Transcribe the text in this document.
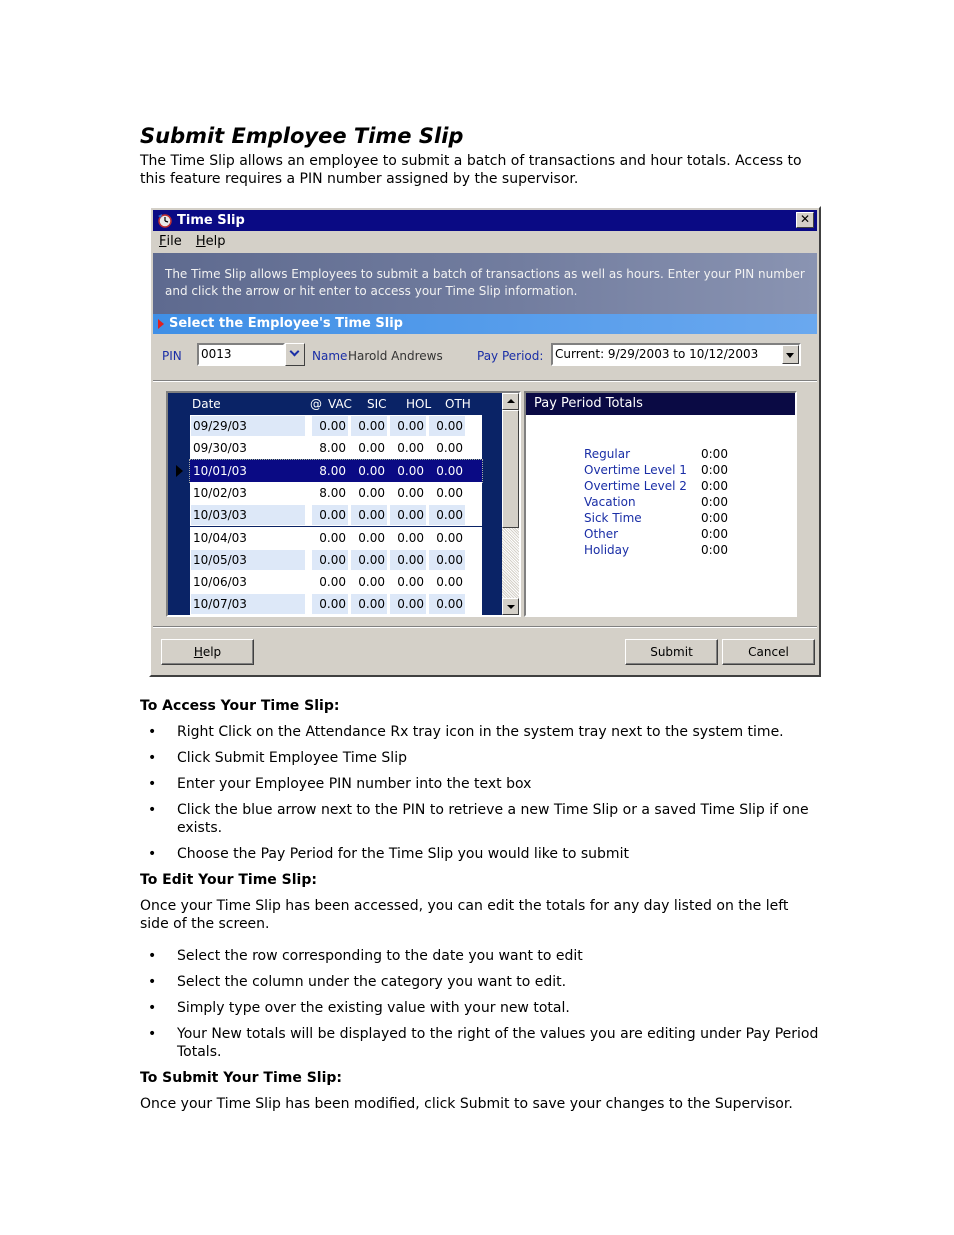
Submit Employee Time Slip

The Time Slip allows an employee to submit a batch of transactions and hour totals. Access to this feature requires a PIN number assigned by the supervisor.

Time Slip	✕
File Help
The Time Slip allows Employees to submit a batch of transactions as well as hours. Enter your PIN number and click the arrow or hit enter to access your Time Slip information.
Select the Employee's Time Slip
PIN	0013	Name Harold Andrews	Pay Period: Current: 9/29/2003 to 10/12/2003
Date	@ VAC SIC HOL OTH
09/29/03	0.00	0.00	0.00	0.00
09/30/03	8.00	0.00	0.00	0.00
10/01/03	8.00	0.00	0.00	0.00
10/02/03	8.00	0.00	0.00	0.00
10/03/03	0.00	0.00	0.00	0.00
10/04/03	0.00	0.00	0.00	0.00
10/05/03	0.00	0.00	0.00	0.00
10/06/03	0.00	0.00	0.00	0.00
10/07/03	0.00	0.00	0.00	0.00
Pay Period Totals
Regular	0:00
Overtime Level 1 0:00
Overtime Level 2 0:00
Vacation	0:00
Sick Time	0:00
Other	0:00
Holiday	0:00
Help	Submit	Cancel
To Access Your Time Slip:
• Right Click on the Attendance Rx tray icon in the system tray next to the system time.
• Click Submit Employee Time Slip
• Enter your Employee PIN number into the text box
• Click the blue arrow next to the PIN to retrieve a new Time Slip or a saved Time Slip if one exists.
• Choose the Pay Period for the Time Slip you would like to submit
To Edit Your Time Slip:

Once your Time Slip has been accessed, you can edit the totals for any day listed on the left side of the screen.

• Select the row corresponding to the date you want to edit
• Select the column under the category you want to edit.
• Simply type over the existing value with your new total.
• Your New totals will be displayed to the right of the values you are editing under Pay Period Totals.
To Submit Your Time Slip:

Once your Time Slip has been modified, click Submit to save your changes to the Supervisor.
